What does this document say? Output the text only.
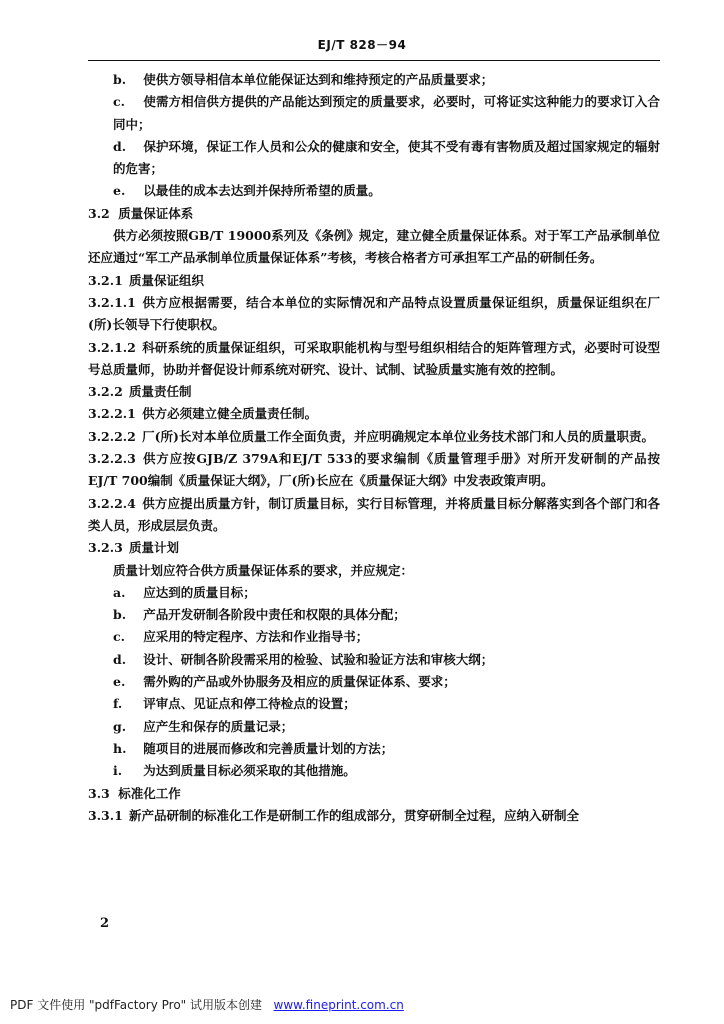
EJ/T 828－94

b.  使供方领导相信本单位能保证达到和维持预定的产品质量要求；

c.  使需方相信供方提供的产品能达到预定的质量要求，必要时，可将证实这种能力的要求订入合同中；

d.  保护环境，保证工作人员和公众的健康和安全，使其不受有毒有害物质及超过国家规定的辐射的危害；

e.  以最佳的成本去达到并保持所希望的质量。

3.2  质量保证体系

供方必须按照GB/T 19000系列及《条例》规定，建立健全质量保证体系。对于军工产品承制单位还应通过“军工产品承制单位质量保证体系”考核，考核合格者方可承担军工产品的研制任务。

3.2.1  质量保证组织

3.2.1.1  供方应根据需要，结合本单位的实际情况和产品特点设置质量保证组织，质量保证组织在厂(所)长领导下行使职权。

3.2.1.2  科研系统的质量保证组织，可采取职能机构与型号组织相结合的矩阵管理方式，必要时可设型号总质量师，协助并督促设计师系统对研究、设计、试制、试验质量实施有效的控制。

3.2.2  质量责任制

3.2.2.1  供方必须建立健全质量责任制。

3.2.2.2  厂(所)长对本单位质量工作全面负责，并应明确规定本单位业务技术部门和人员的质量职责。

3.2.2.3  供方应按GJB/Z 379A和EJ/T 533的要求编制《质量管理手册》对所开发研制的产品按EJ/T 700编制《质量保证大纲》，厂(所)长应在《质量保证大纲》中发表政策声明。

3.2.2.4  供方应提出质量方针，制订质量目标，实行目标管理，并将质量目标分解落实到各个部门和各类人员，形成层层负责。

3.2.3  质量计划

质量计划应符合供方质量保证体系的要求，并应规定：

a.  应达到的质量目标；

b.  产品开发研制各阶段中责任和权限的具体分配；

c.  应采用的特定程序、方法和作业指导书；

d.  设计、研制各阶段需采用的检验、试验和验证方法和审核大纲；

e.  需外购的产品或外协服务及相应的质量保证体系、要求；

f.  评审点、见证点和停工待检点的设置；

g.  应产生和保存的质量记录；

h.  随项目的进展而修改和完善质量计划的方法；

i.  为达到质量目标必须采取的其他措施。

3.3  标准化工作

3.3.1  新产品研制的标准化工作是研制工作的组成部分，贯穿研制全过程，应纳入研制全

2
PDF 文件使用 "pdfFactory Pro" 试用版本创建 www.fineprint.com.cn
